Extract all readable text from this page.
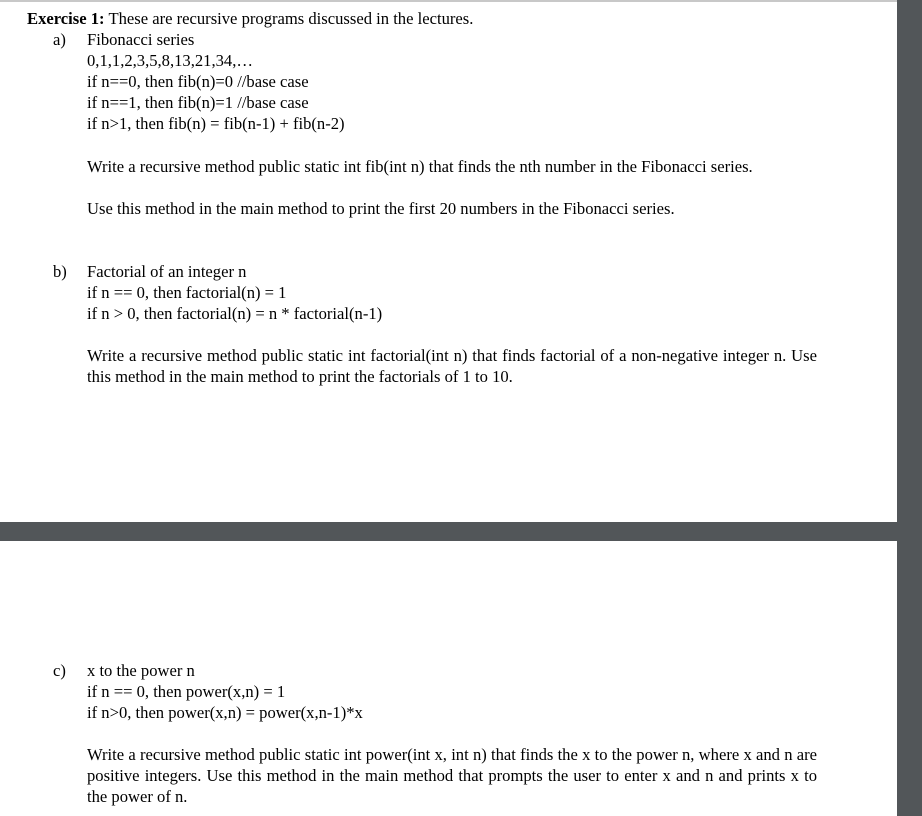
Exercise 1: These are recursive programs discussed in the lectures.
a) Fibonacci series
0,1,1,2,3,5,8,13,21,34,…
if n==0, then fib(n)=0 //base case
if n==1, then fib(n)=1 //base case
if n>1, then fib(n) = fib(n-1) + fib(n-2)
Write a recursive method public static int fib(int n) that finds the nth number in the Fibonacci series.
Use this method in the main method to print the first 20 numbers in the Fibonacci series.
b) Factorial of an integer n
if n == 0, then factorial(n) = 1
if n > 0, then factorial(n) = n * factorial(n-1)
Write a recursive method public static int factorial(int n) that finds factorial of a non-negative integer n. Use this method in the main method to print the factorials of 1 to 10.
c) x to the power n
if n == 0, then power(x,n) = 1
if n>0, then power(x,n) = power(x,n-1)*x
Write a recursive method public static int power(int x, int n) that finds the x to the power n, where x and n are positive integers. Use this method in the main method that prompts the user to enter x and n and prints x to the power of n.
